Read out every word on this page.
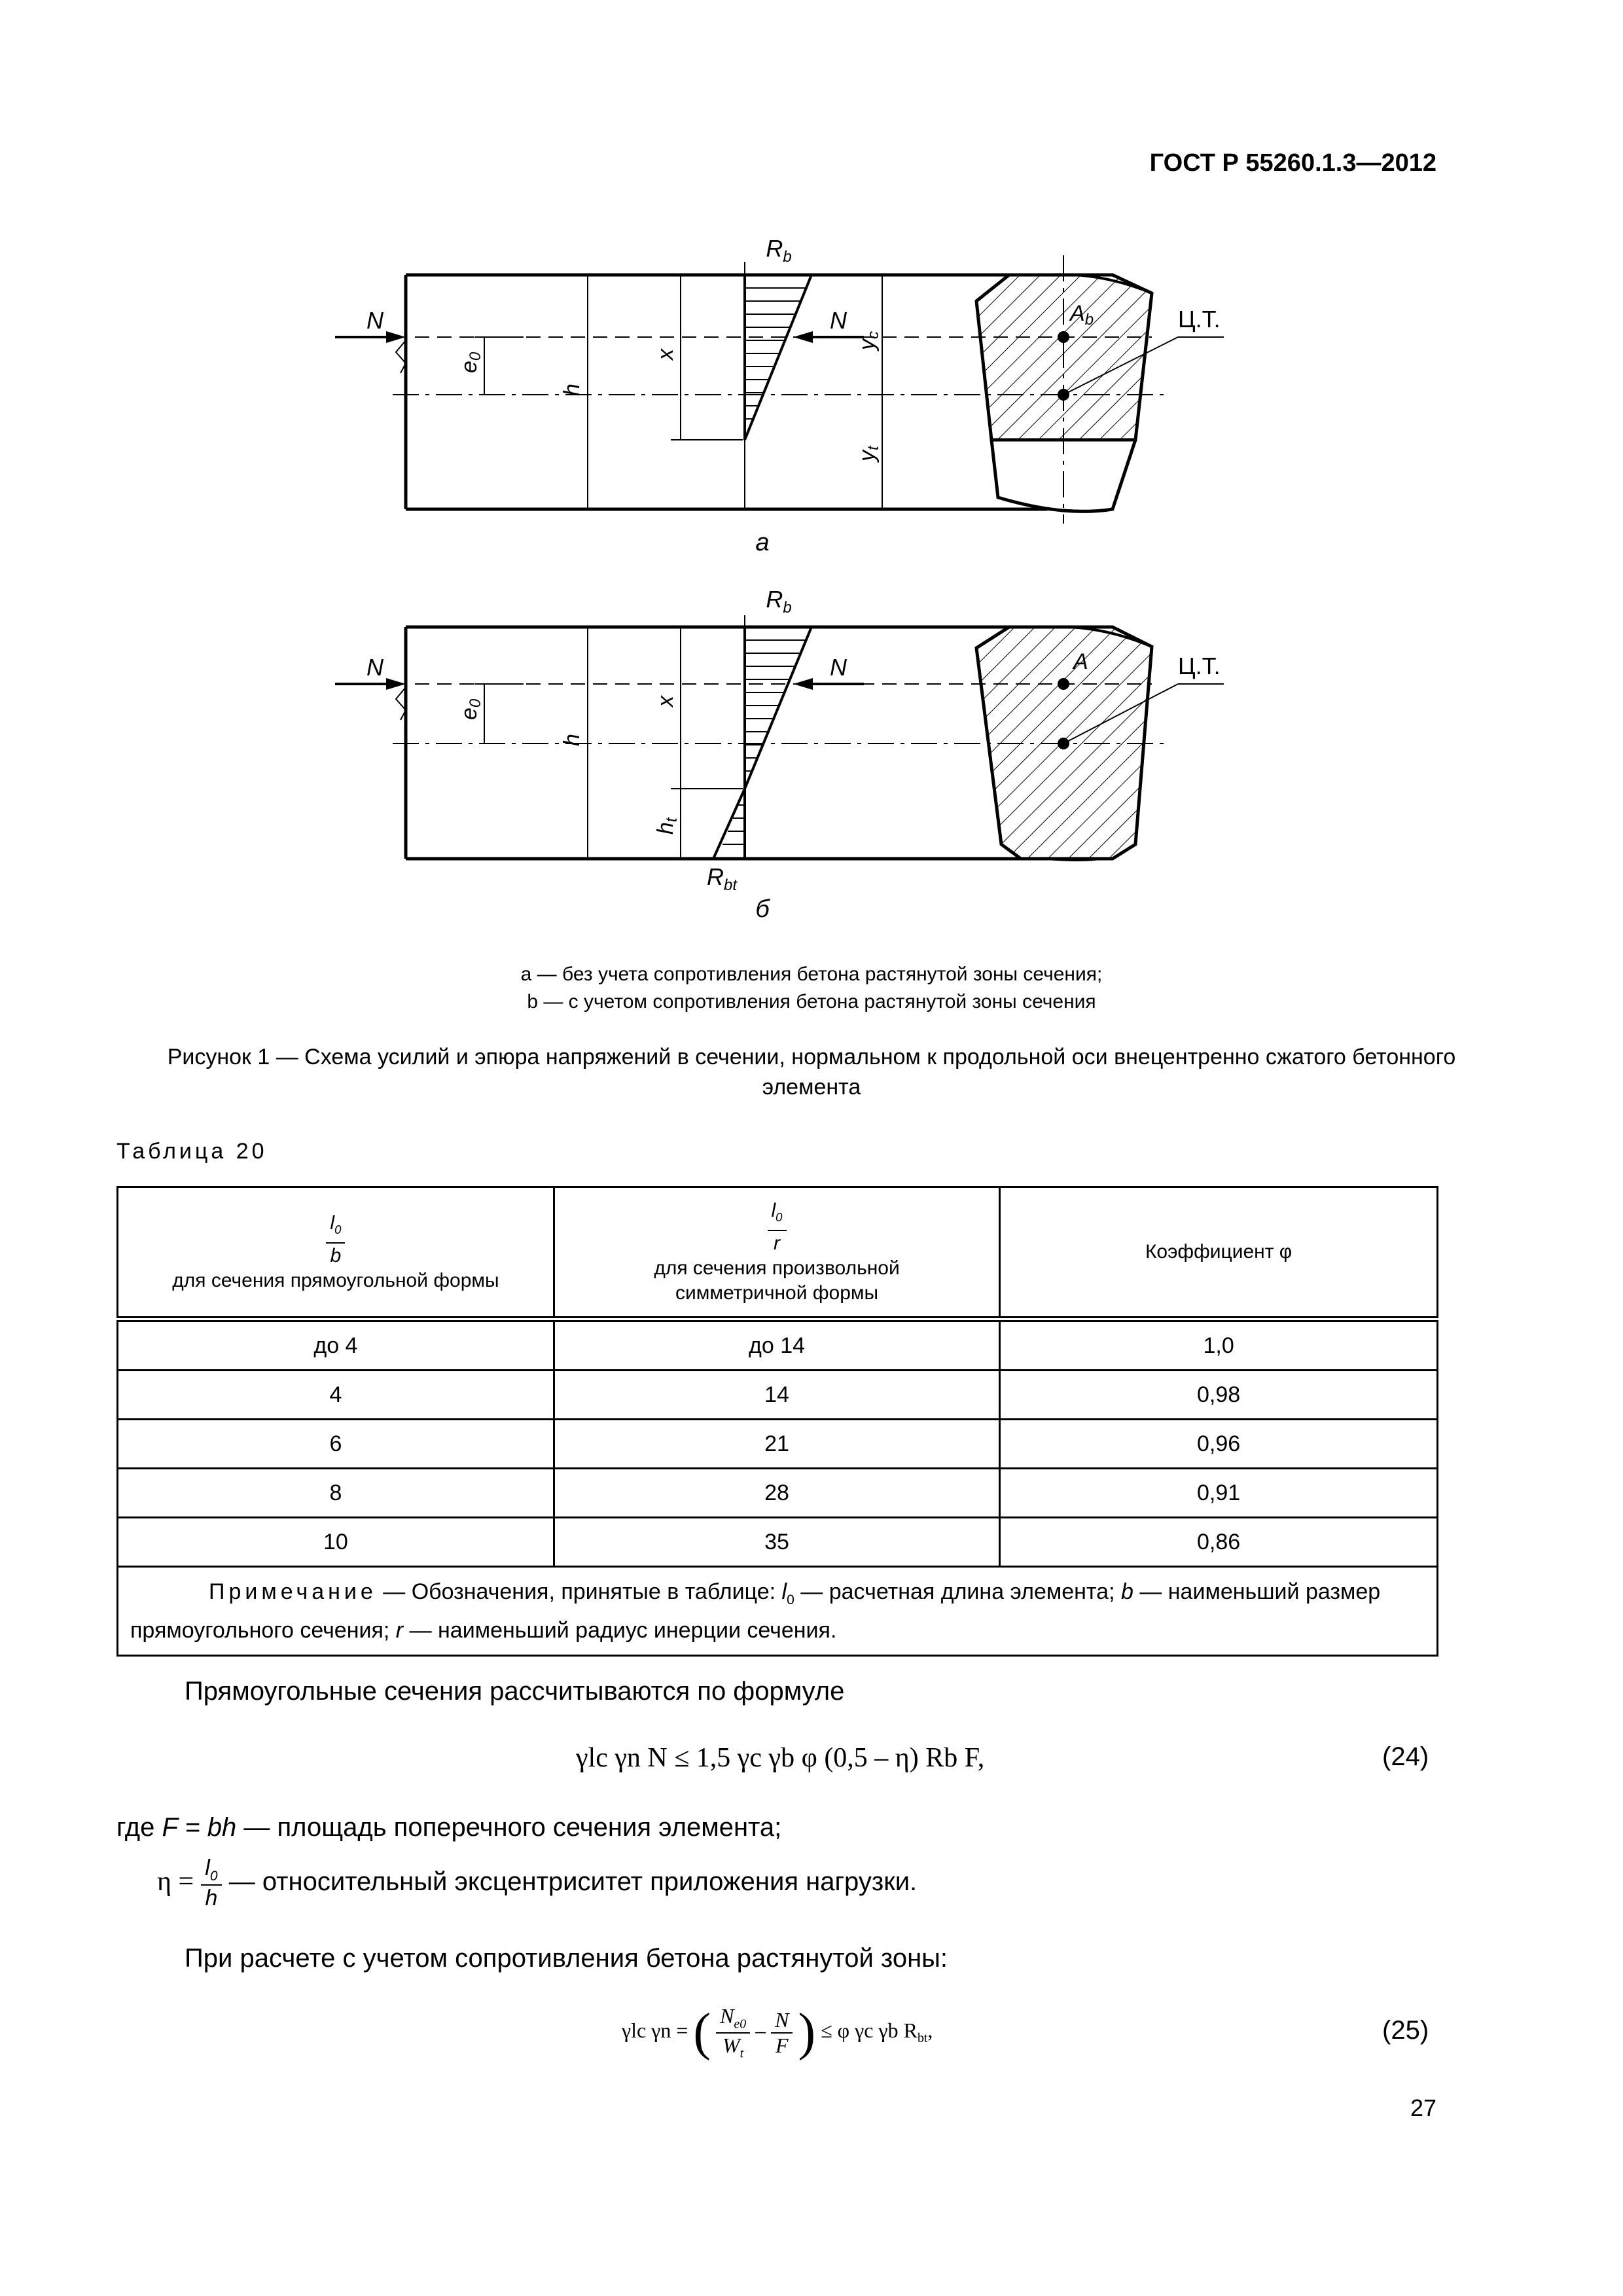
ГОСТ Р 55260.1.3—2012
$R_b$
N	N
e0
h
x
yc
yt
Ab	Ц.Т.
а
$R_b$
N	N
e0
h
x
ht
A	Ц.Т.
$R_{bt}$
б
а — без учета сопротивления бетона растянутой зоны сечения;
b — с учетом сопротивления бетона растянутой зоны сечения
Рисунок 1 — Схема усилий и эпюра напряжений в сечении, нормальном к продольной оси внецентренно сжатого бетонного элемента
Таблица 20
$\frac{l_0}{b}$

для сечения прямоугольной формы	$\frac{l_0}{r}$

для сечения произвольной симметричной формы	Коэффициент φ
до 4	до 14	1,0
4	14	0,98
6	21	0,96
8	28	0,91
10	35	0,86
Примечание — Обозначения, принятые в таблице: $l_0$ — расчетная длина элемента; b — наименьший размер прямоугольного сечения; r — наименьший радиус инерции сечения.		
Прямоугольные сечения рассчитываются по формуле
γlc γn N ≤ 1,5 γc γb φ (0,5 – η) Rb F,	(24)
где F = bh — площадь поперечного сечения элемента;
$\eta = \frac{l_0}{h}$ — относительный эксцентриситет приложения нагрузки.
При расчете с учетом сопротивления бетона растянутой зоны:
γlc γn = ( $\frac{N_{e0}}{W_t} - \frac{N}{F}$ ) ≤ φ γc γb $R_{bt}$,	(25)
27
